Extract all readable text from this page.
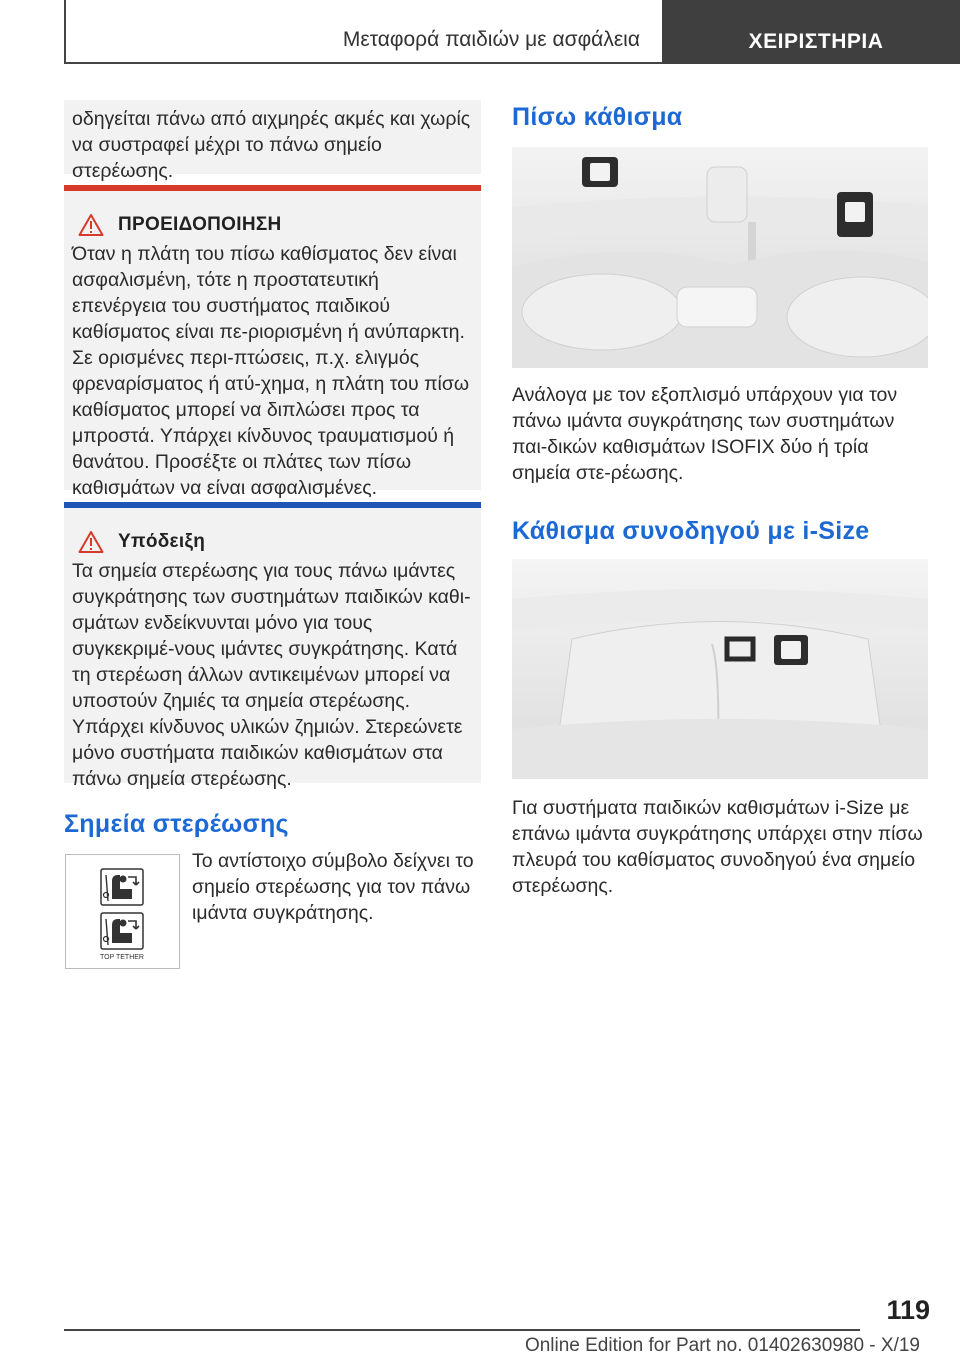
Μεταφορά παιδιών με ασφάλεια	ΧΕΙΡΙΣΤΗΡΙΑ

οδηγείται πάνω από αιχμηρές ακμές και χωρίς να συστραφεί μέχρι το πάνω σημείο στερέωσης.

ΠΡΟΕΙΔΟΠΟΙΗΣΗ

Όταν η πλάτη του πίσω καθίσματος δεν είναι ασφαλισμένη, τότε η προστατευτική επενέργεια του συστήματος παιδικού καθίσματος είναι πε-ριορισμένη ή ανύπαρκτη. Σε ορισμένες περι-πτώσεις, π.χ. ελιγμός φρεναρίσματος ή ατύ-χημα, η πλάτη του πίσω καθίσματος μπορεί να διπλώσει προς τα μπροστά. Υπάρχει κίνδυνος τραυματισμού ή θανάτου. Προσέξτε οι πλάτες των πίσω καθισμάτων να είναι ασφαλισμένες.

Υπόδειξη

Τα σημεία στερέωσης για τους πάνω ιμάντες συγκράτησης των συστημάτων παιδικών καθι-σμάτων ενδείκνυνται μόνο για τους συγκεκριμέ-νους ιμάντες συγκράτησης. Κατά τη στερέωση άλλων αντικειμένων μπορεί να υποστούν ζημιές τα σημεία στερέωσης. Υπάρχει κίνδυνος υλικών ζημιών. Στερεώνετε μόνο συστήματα παιδικών καθισμάτων στα πάνω σημεία στερέωσης.

Σημεία στερέωσης
TOP TETHER

Το αντίστοιχο σύμβολο δείχνει το σημείο στερέωσης για τον πάνω ιμάντα συγκράτησης.

Πίσω κάθισμα

Ανάλογα με τον εξοπλισμό υπάρχουν για τον πάνω ιμάντα συγκράτησης των συστημάτων παι-δικών καθισμάτων ISOFIX δύο ή τρία σημεία στε-ρέωσης.

Κάθισμα συνοδηγού με i-Size

Για συστήματα παιδικών καθισμάτων i-Size με επάνω ιμάντα συγκράτησης υπάρχει στην πίσω πλευρά του καθίσματος συνοδηγού ένα σημείο στερέωσης.

119
Online Edition for Part no. 01402630980 - X/19
